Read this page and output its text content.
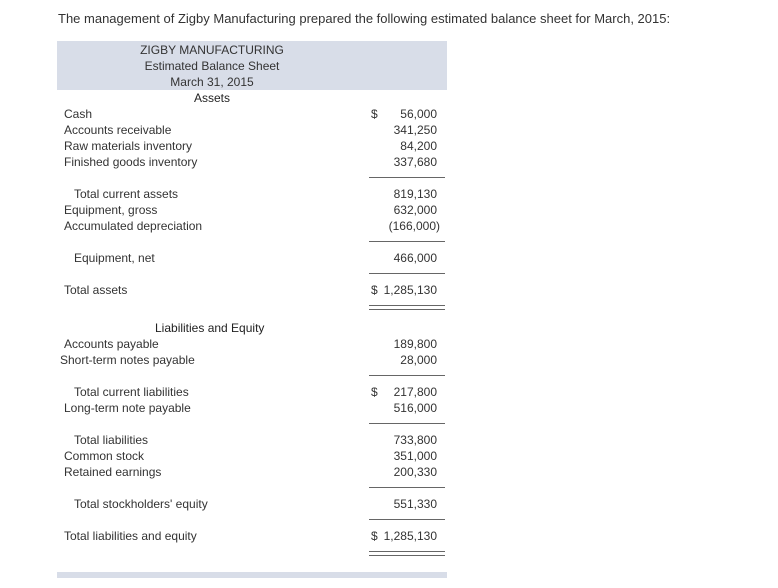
The management of Zigby Manufacturing prepared the following estimated balance sheet for March, 2015:
ZIGBY MANUFACTURING
Estimated Balance Sheet
March 31, 2015
Assets
Cash	$ 56,000
Accounts receivable	341,250
Raw materials inventory	84,200
Finished goods inventory	337,680
Total current assets	819,130
Equipment, gross	632,000
Accumulated depreciation	(166,000)
Equipment, net	466,000
Total assets	$ 1,285,130
Liabilities and Equity
Accounts payable	189,800
Short-term notes payable	28,000
Total current liabilities	$ 217,800
Long-term note payable	516,000
Total liabilities	733,800
Common stock	351,000
Retained earnings	200,330
Total stockholders' equity	551,330
Total liabilities and equity	$ 1,285,130
